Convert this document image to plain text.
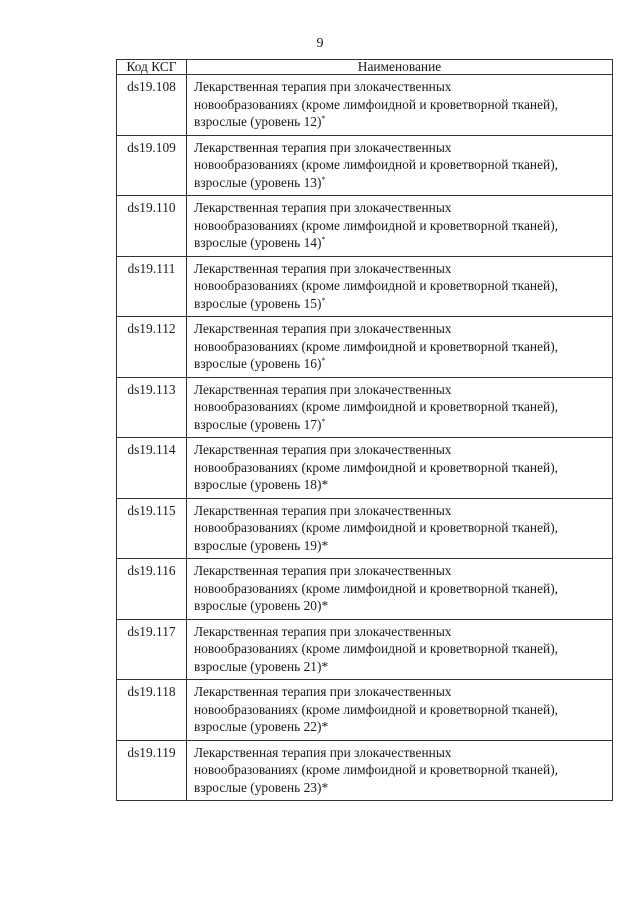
9
Код КСГ	Наименование
ds19.108	Лекарственная терапия при злокачественных
новообразованиях (кроме лимфоидной и кроветворной тканей),
взрослые (уровень 12)*

ds19.109	Лекарственная терапия при злокачественных
новообразованиях (кроме лимфоидной и кроветворной тканей),
взрослые (уровень 13)*

ds19.110	Лекарственная терапия при злокачественных
новообразованиях (кроме лимфоидной и кроветворной тканей),
взрослые (уровень 14)*

ds19.111	Лекарственная терапия при злокачественных
новообразованиях (кроме лимфоидной и кроветворной тканей),
взрослые (уровень 15)*

ds19.112	Лекарственная терапия при злокачественных
новообразованиях (кроме лимфоидной и кроветворной тканей),
взрослые (уровень 16)*

ds19.113	Лекарственная терапия при злокачественных
новообразованиях (кроме лимфоидной и кроветворной тканей),
взрослые (уровень 17)*

ds19.114	Лекарственная терапия при злокачественных
новообразованиях (кроме лимфоидной и кроветворной тканей),
взрослые (уровень 18)*

ds19.115	Лекарственная терапия при злокачественных
новообразованиях (кроме лимфоидной и кроветворной тканей),
взрослые (уровень 19)*

ds19.116	Лекарственная терапия при злокачественных
новообразованиях (кроме лимфоидной и кроветворной тканей),
взрослые (уровень 20)*

ds19.117	Лекарственная терапия при злокачественных
новообразованиях (кроме лимфоидной и кроветворной тканей),
взрослые (уровень 21)*

ds19.118	Лекарственная терапия при злокачественных
новообразованиях (кроме лимфоидной и кроветворной тканей),
взрослые (уровень 22)*

ds19.119	Лекарственная терапия при злокачественных
новообразованиях (кроме лимфоидной и кроветворной тканей),
взрослые (уровень 23)*
